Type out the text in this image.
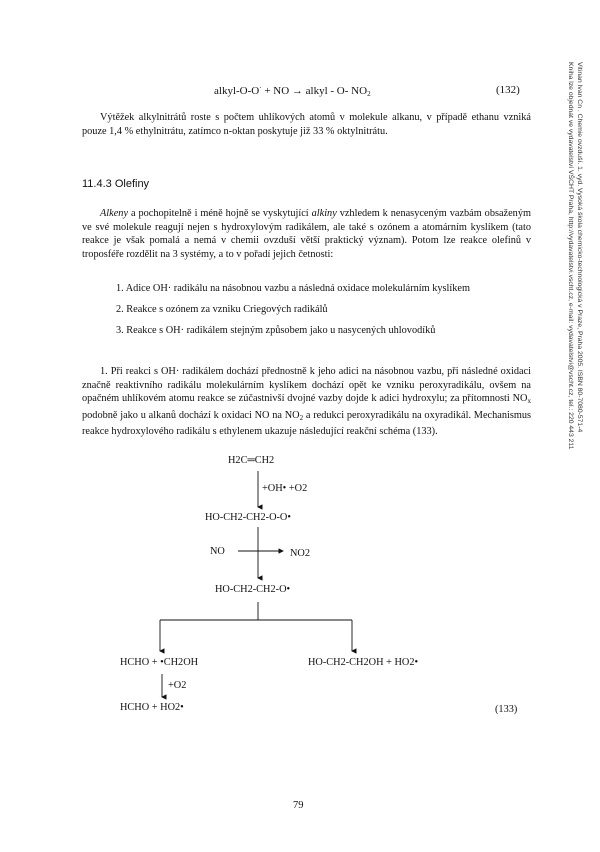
Vitinan Ivan Cn . Chemie ovzduší. 1. vyd. Vysoká škola chemicko-technologická v Praze, Praha 2005. ISBN 80-7080-571-4
Kniha lze objednat ve vydavatelství VŠCHT Praha, http://vydavatelstvi.vscht.cz, e-mail: vydavatelstvi@vscht.cz, tel.: 220 443 211
alkyl-O-O· + NO → alkyl - O- $NO_2$	(132)

Výtěžek alkylnitrátů roste s počtem uhlíkových atomů v molekule alkanu, v případě ethanu vzniká pouze 1,4 % ethylnitrátu, zatímco n-oktan poskytuje již 33 % oktylnitrátu.

11.4.3 Olefiny

Alkeny a pochopitelně i méně hojně se vyskytující alkiny vzhledem k nenasyceným vazbám obsaženým ve své molekule reagují nejen s hydroxylovým radikálem, ale také s ozónem a atomárním kyslíkem (tato reakce je však pomalá a nemá v chemii ovzduší větší praktický význam). Potom lze reakce olefinů v troposféře rozdělit na 3 systémy, a to v pořadí jejich četnosti:

1. Adice OH· radikálu na násobnou vazbu a následná oxidace molekulárním kyslíkem
2. Reakce s ozónem za vzniku Criegových radikálů
3. Reakce s OH· radikálem stejným způsobem jako u nasycených uhlovodíků

1. Při reakci s OH· radikálem dochází přednostně k jeho adici na násobnou vazbu, při následné oxidaci značně reaktivního radikálu molekulárním kyslíkem dochází opět ke vzniku peroxyradikálu, ovšem na opačném uhlíkovém atomu reakce se zúčastnivší dvojné vazby dojde k adici hydroxylu; za přítomnosti $NO_x$ podobně jako u alkanů dochází k oxidaci NO na $NO_2$ a redukci peroxyradikálu na oxyradikál. Mechanismus reakce hydroxylového radikálu s ethylenem ukazuje následující reakční schéma (133).

H2C═CH2
+OH• +O2
HO-CH2-CH2-O-O•
NO	NO2
HO-CH2-CH2-O•
HCHO + •CH2OH
+O2
HCHO + HO2•
HO-CH2-CH2OH + HO2•
(133)
79
